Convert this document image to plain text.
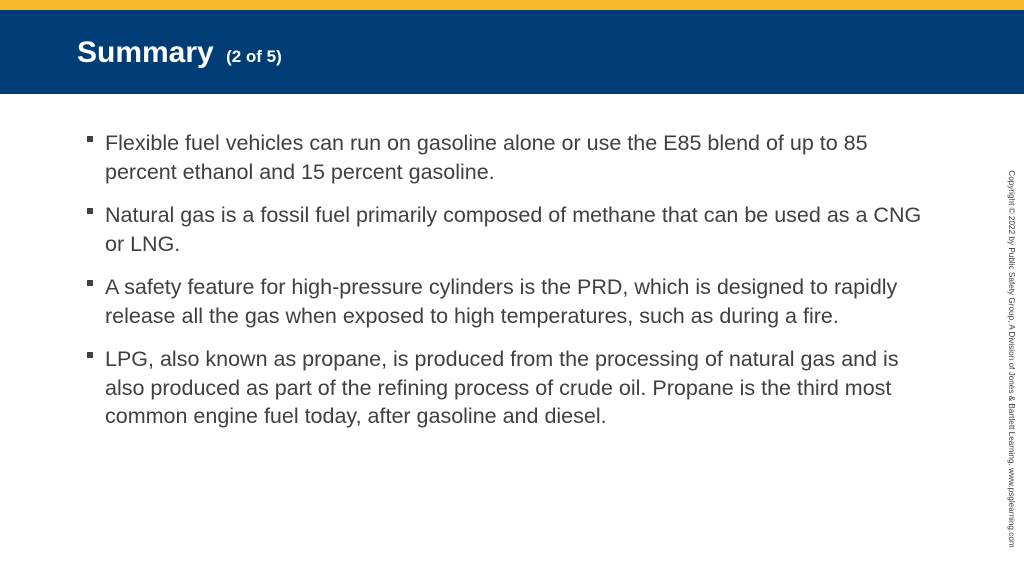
Summary (2 of 5)
Flexible fuel vehicles can run on gasoline alone or use the E85 blend of up to 85 percent ethanol and 15 percent gasoline.
Natural gas is a fossil fuel primarily composed of methane that can be used as a CNG or LNG.
A safety feature for high-pressure cylinders is the PRD, which is designed to rapidly release all the gas when exposed to high temperatures, such as during a fire.
LPG, also known as propane, is produced from the processing of natural gas and is also produced as part of the refining process of crude oil. Propane is the third most common engine fuel today, after gasoline and diesel.	Copyright © 2022 by Public Safety Group, A Division of Jones & Bartlett Learning. www.psglearning.com
